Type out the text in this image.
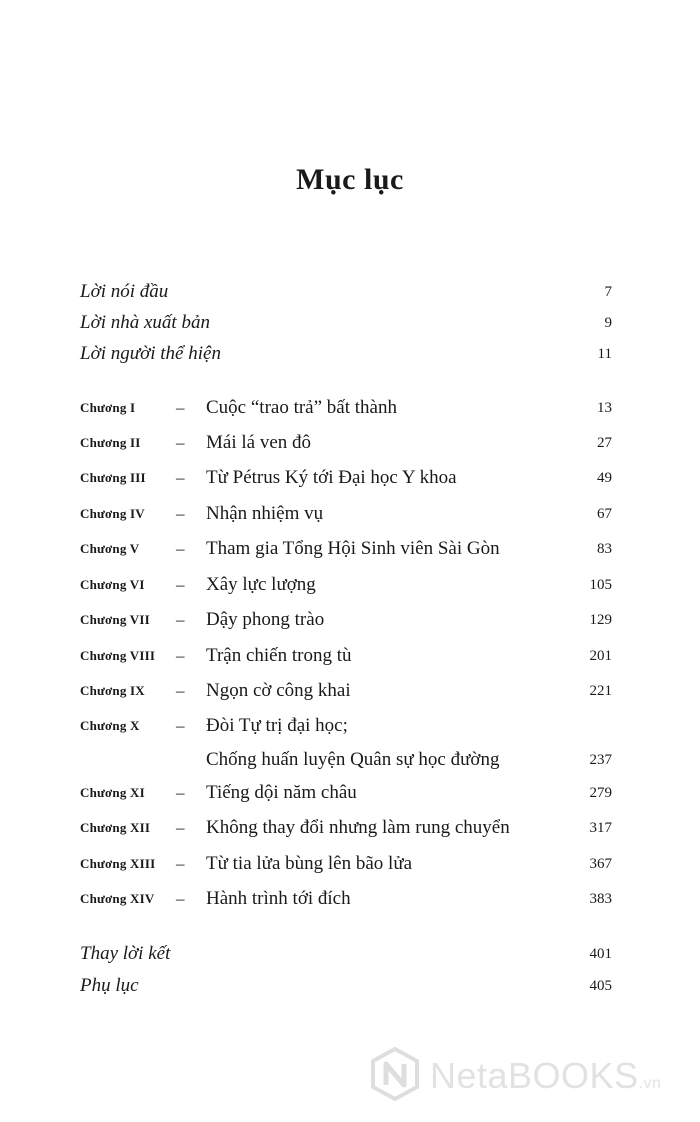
Mục lục
Lời nói đầu	7
Lời nhà xuất bản	9
Lời người thể hiện	11
Chương I – Cuộc “trao trả” bất thành	13
Chương II – Mái lá ven đô	27
Chương III – Từ Pétrus Ký tới Đại học Y khoa	49
Chương IV – Nhận nhiệm vụ	67
Chương V – Tham gia Tổng Hội Sinh viên Sài Gòn	83
Chương VI – Xây lực lượng	105
Chương VII – Dậy phong trào	129
Chương VIII – Trận chiến trong tù	201
Chương IX – Ngọn cờ công khai	221
Chương X – Đòi Tự trị đại học;
Chống huấn luyện Quân sự học đường	237
Chương XI – Tiếng dội năm châu	279
Chương XII – Không thay đổi nhưng làm rung chuyển	317
Chương XIII – Từ tia lửa bùng lên bão lửa	367
Chương XIV – Hành trình tới đích	383
Thay lời kết	401
Phụ lục	405
NetaBOOKS.vn
